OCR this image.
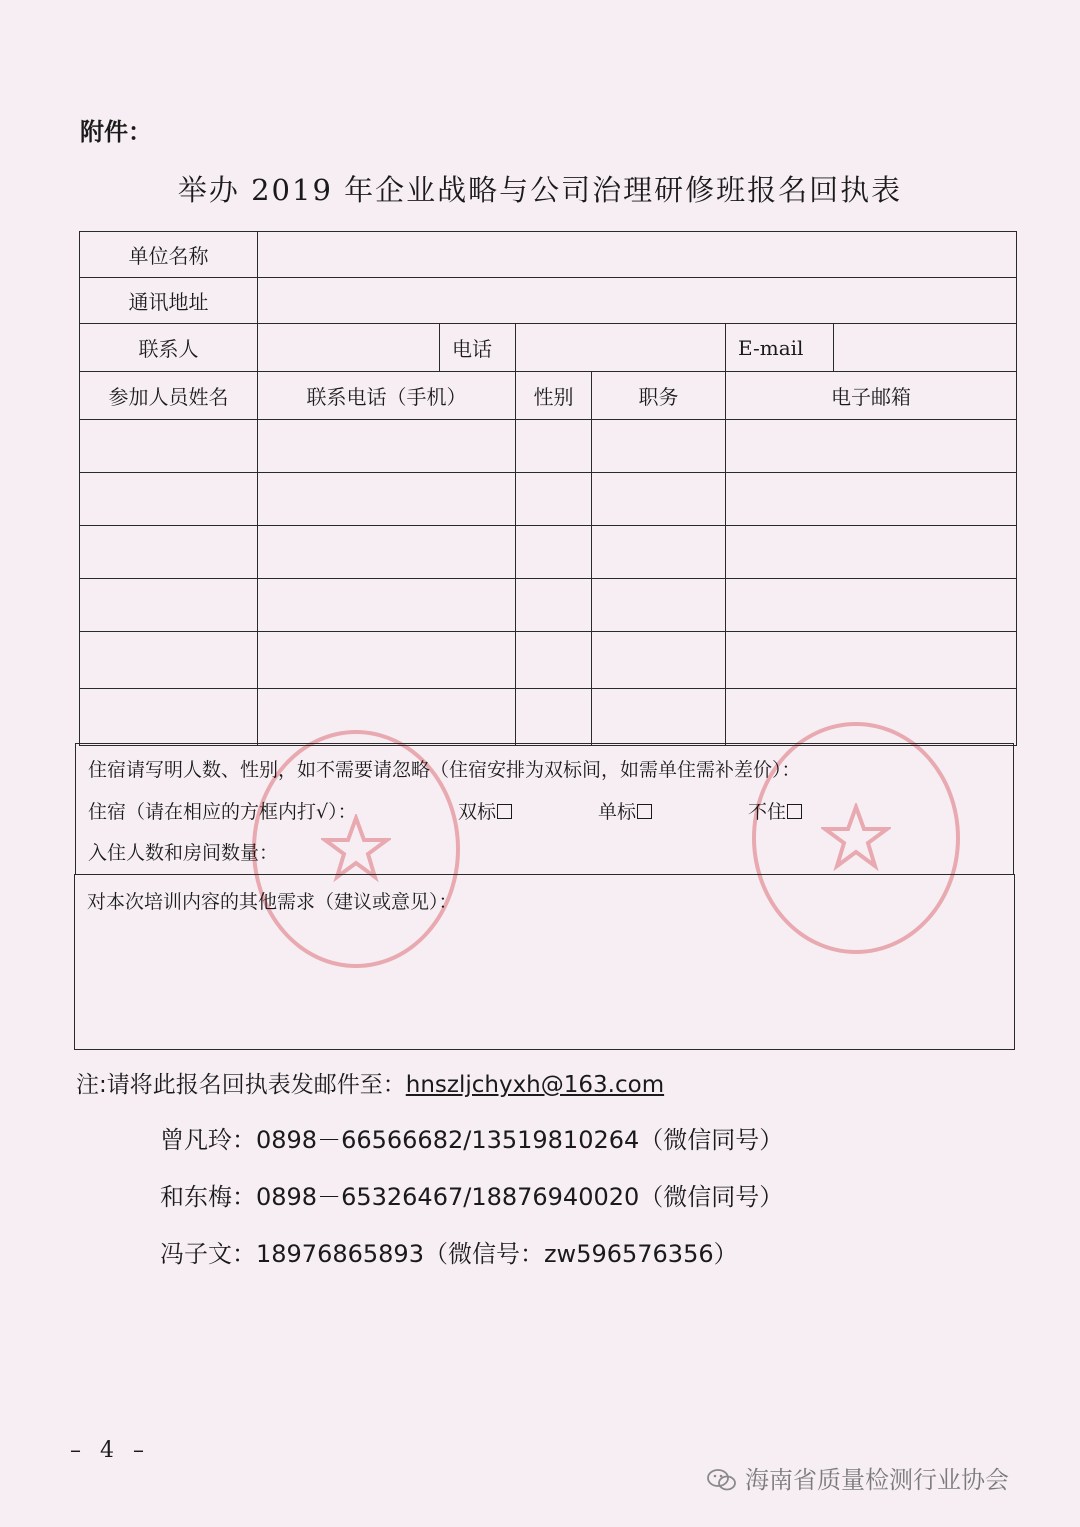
附件：
举办 2019 年企业战略与公司治理研修班报名回执表
单位名称						
通讯地址						
联系人		电话			E-mail	
参加人员姓名	联系电话（手机）		性别	职务	电子邮箱	

住宿请写明人数、性别，如不需要请忽略（住宿安排为双标间，如需单住需补差价）：
住宿（请在相应的方框内打√）：	双标	单标	不住
入住人数和房间数量：
对本次培训内容的其他需求（建议或意见）：
注:请将此报名回执表发邮件至：hnszljchyxh@163.com
曾凡玲：0898－66566682/13519810264（微信同号）
和东梅：0898－65326467/18876940020（微信同号）
冯子文：18976865893（微信号：zw596576356）
– 4 –
海南省质量检测行业协会
